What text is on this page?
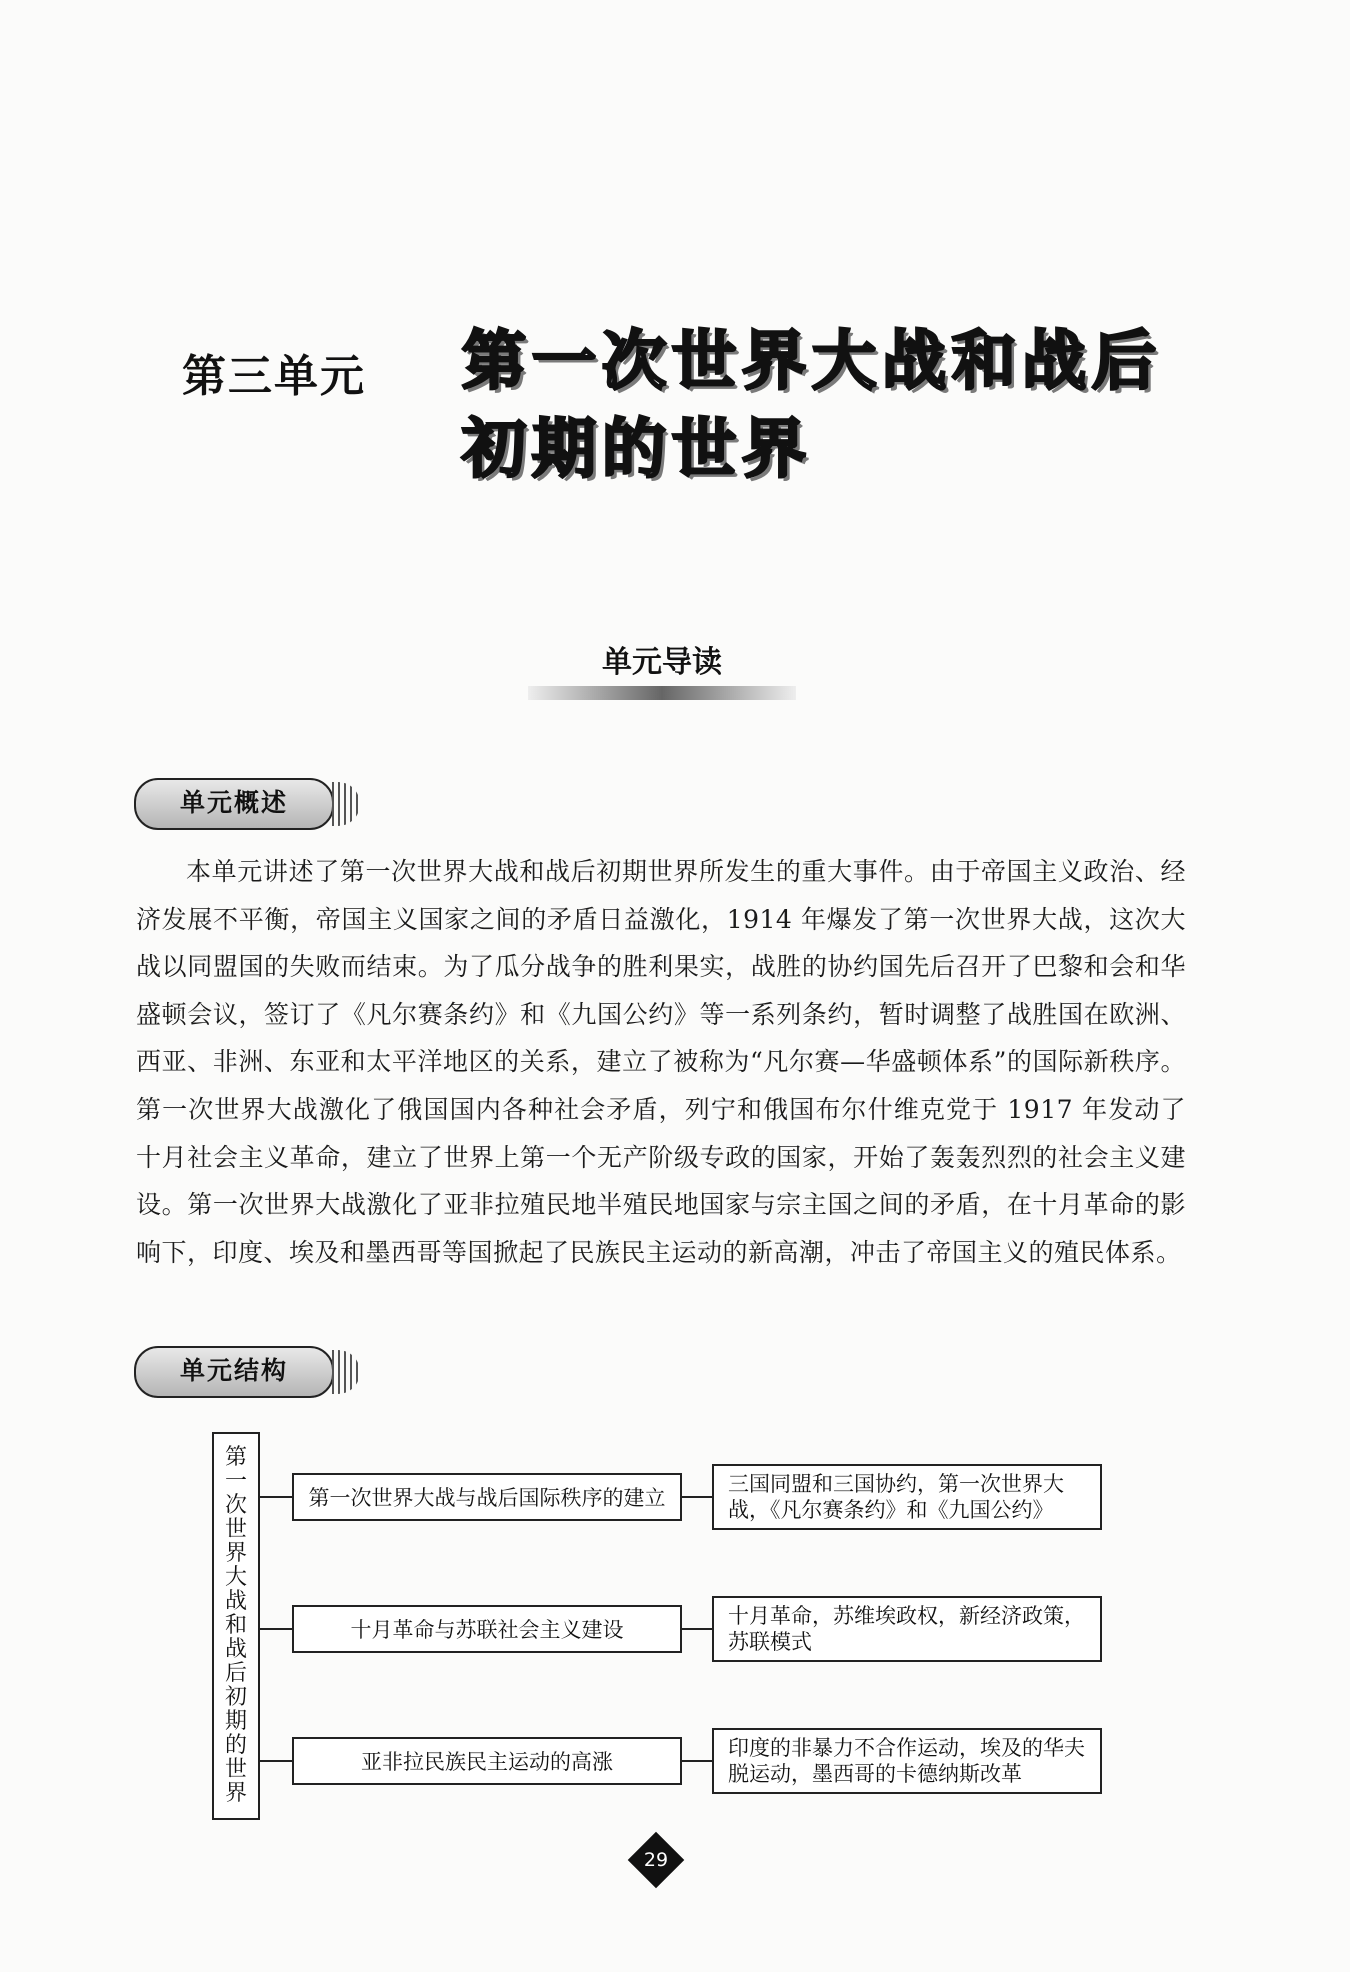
第三单元 第一次世界大战和战后初期的世界
单元导读
单元概述

本单元讲述了第一次世界大战和战后初期世界所发生的重大事件。由于帝国主义政治、经济发展不平衡，帝国主义国家之间的矛盾日益激化，1914 年爆发了第一次世界大战，这次大战以同盟国的失败而结束。为了瓜分战争的胜利果实，战胜的协约国先后召开了巴黎和会和华盛顿会议，签订了《凡尔赛条约》和《九国公约》等一系列条约，暂时调整了战胜国在欧洲、西亚、非洲、东亚和太平洋地区的关系，建立了被称为“凡尔赛—华盛顿体系”的国际新秩序。第一次世界大战激化了俄国国内各种社会矛盾，列宁和俄国布尔什维克党于 1917 年发动了十月社会主义革命，建立了世界上第一个无产阶级专政的国家，开始了轰轰烈烈的社会主义建设。第一次世界大战激化了亚非拉殖民地半殖民地国家与宗主国之间的矛盾，在十月革命的影响下，印度、埃及和墨西哥等国掀起了民族民主运动的新高潮，冲击了帝国主义的殖民体系。

单元结构
第
一
次
世
界
大
战
和
战
后
初
期
的
世
界
第一次世界大战与战后国际秩序的建立
三国同盟和三国协约，第一次世界大战，《凡尔赛条约》和《九国公约》
十月革命与苏联社会主义建设
十月革命，苏维埃政权，新经济政策，苏联模式
亚非拉民族民主运动的高涨
印度的非暴力不合作运动，埃及的华夫脱运动，墨西哥的卡德纳斯改革
29
